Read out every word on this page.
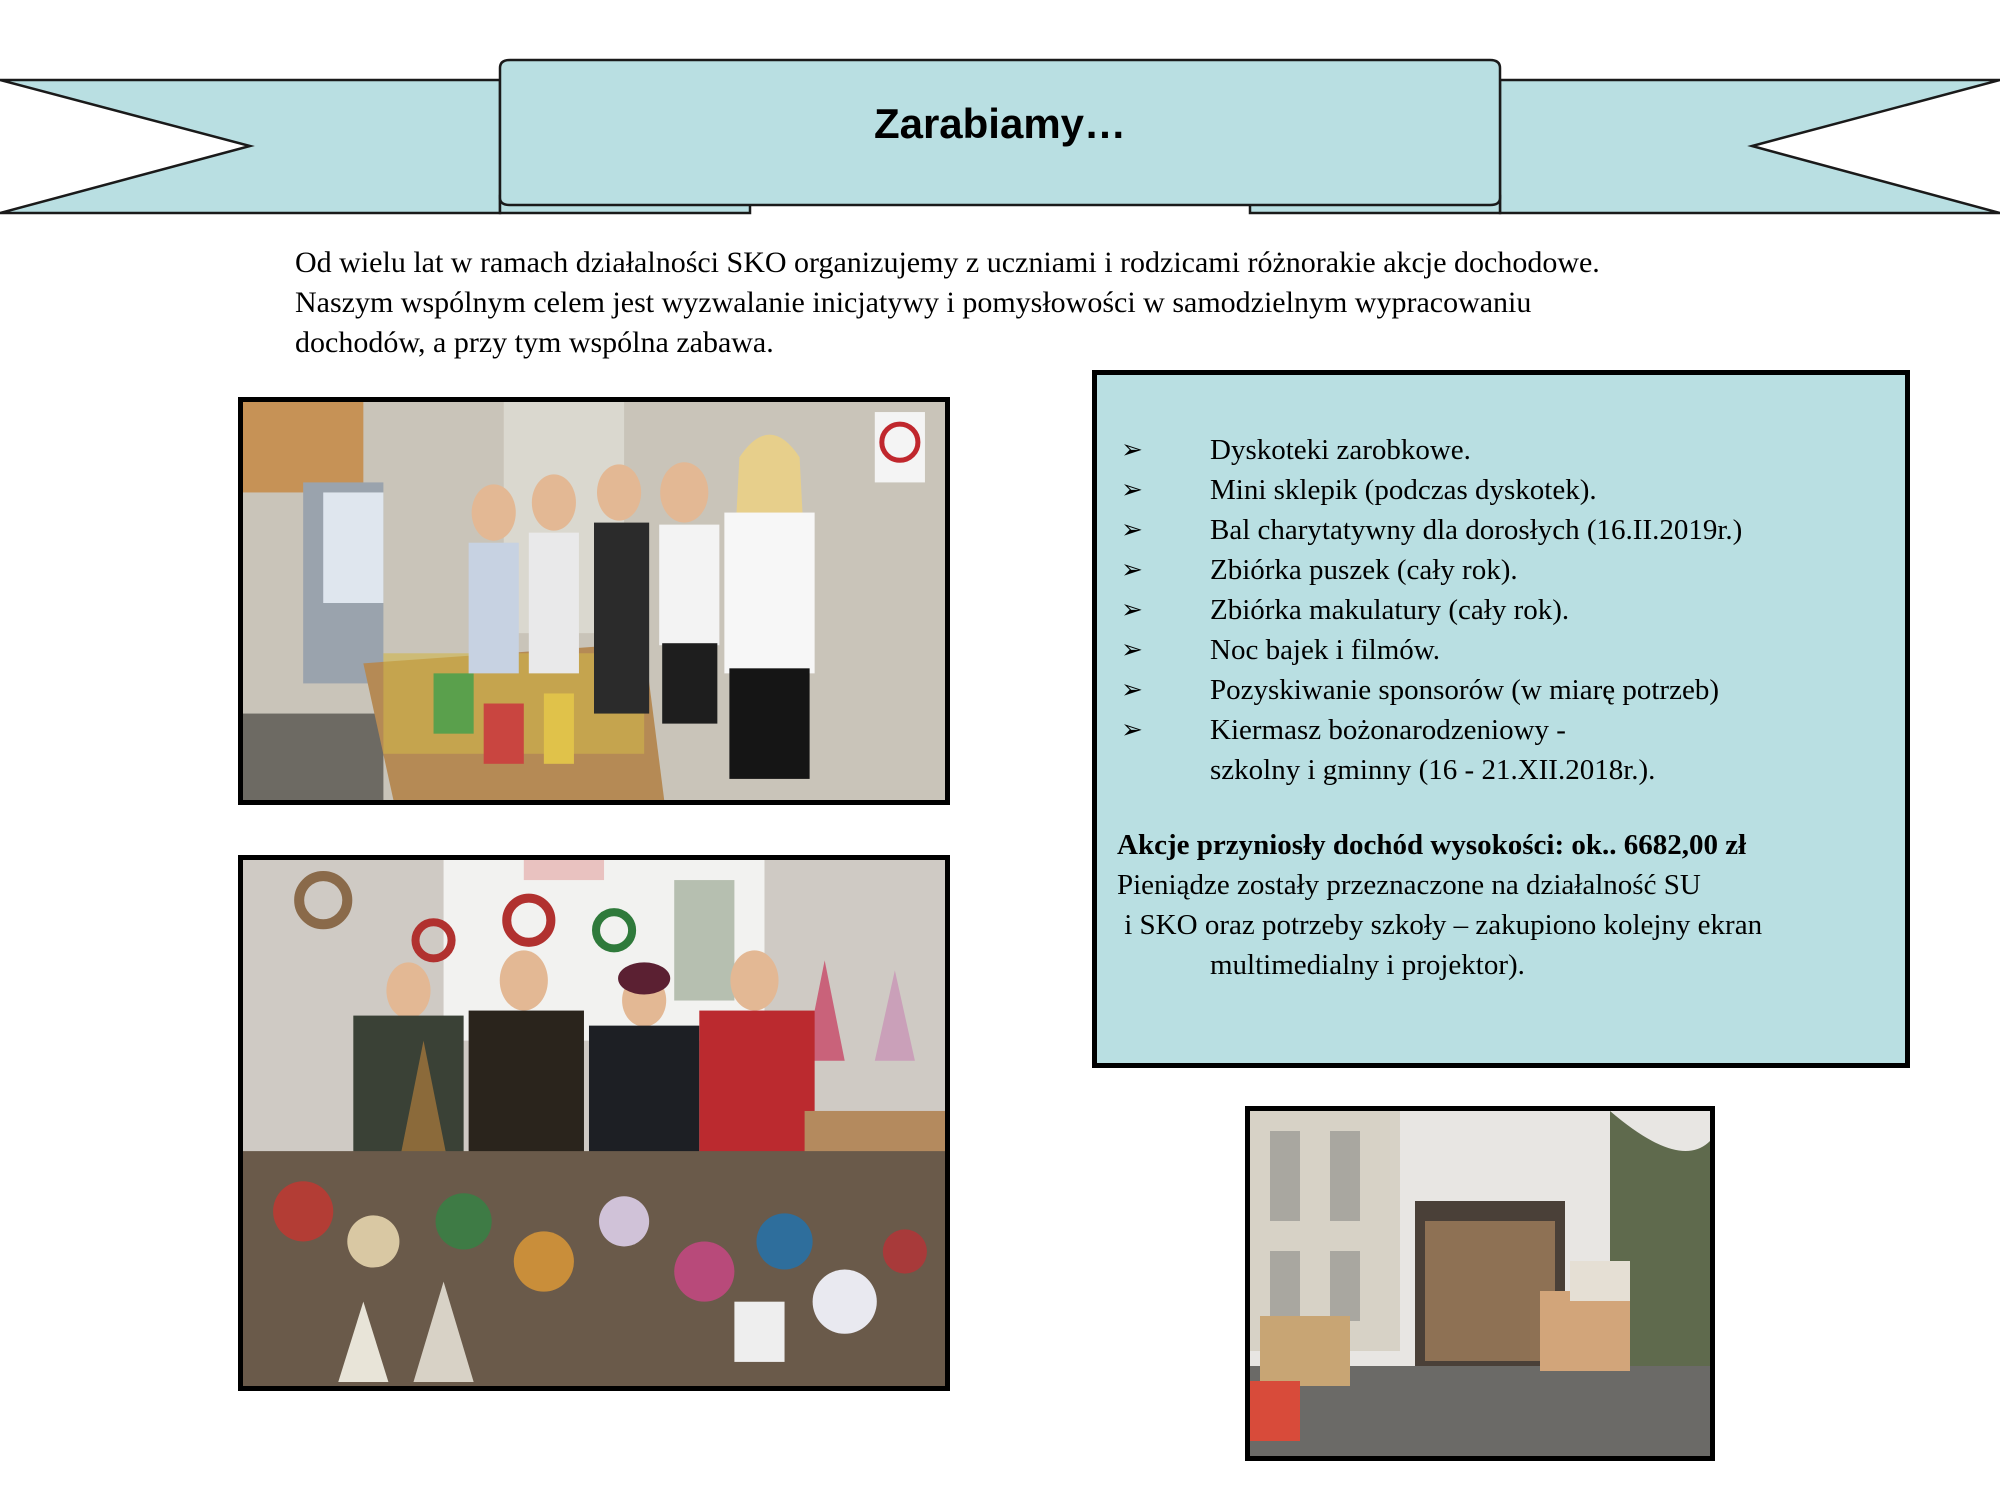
Zarabiamy…

Od wielu lat w ramach działalności SKO organizujemy z uczniami i rodzicami różnorakie akcje dochodowe.

Naszym wspólnym celem jest wyzwalanie inicjatywy i pomysłowości w samodzielnym wypracowaniu

dochodów, a przy tym wspólna zabawa.

➢ Dyskoteki zarobkowe.
➢ Mini sklepik (podczas dyskotek).
➢ Bal charytatywny dla dorosłych (16.II.2019r.)
➢ Zbiórka puszek (cały rok).
➢ Zbiórka makulatury (cały rok).
➢ Noc bajek i filmów.
➢ Pozyskiwanie sponsorów (w miarę potrzeb)
➢ Kiermasz bożonarodzeniowy -
szkolny i gminny (16 - 21.XII.2018r.).
Akcje przyniosły dochód wysokości: ok.. 6682,00 zł
Pieniądze zostały przeznaczone na działalność SU
i SKO oraz potrzeby szkoły – zakupiono kolejny ekran
multimedialny i projektor).
